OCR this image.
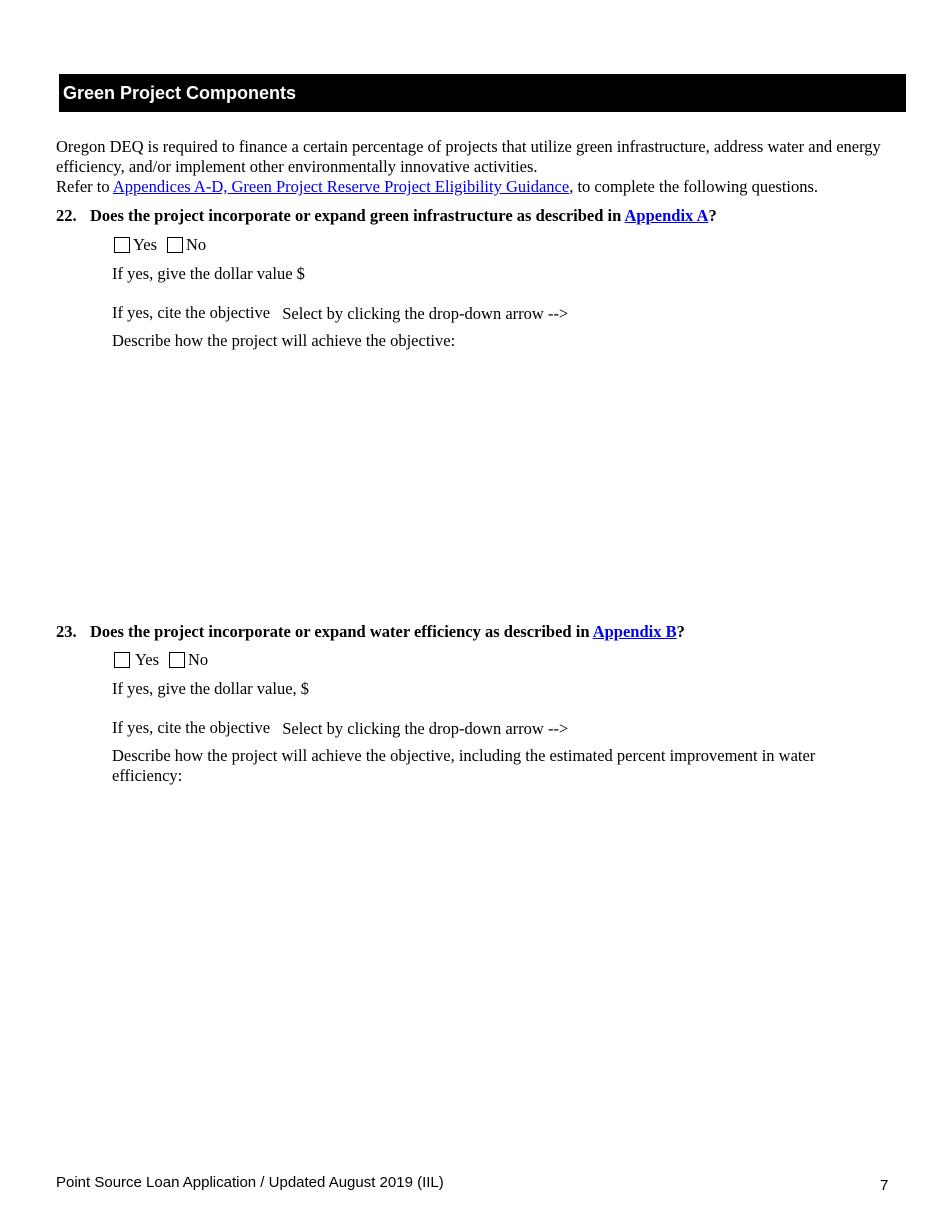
Green Project Components

Oregon DEQ is required to finance a certain percentage of projects that utilize green infrastructure, address water and energy efficiency, and/or implement other environmentally innovative activities.

Refer to Appendices A-D, Green Project Reserve Project Eligibility Guidance, to complete the following questions.

22. Does the project incorporate or expand green infrastructure as described in Appendix A?
Yes No
If yes, give the dollar value $
If yes, cite the objective Select by clicking the drop-down arrow -->
Describe how the project will achieve the objective:
23. Does the project incorporate or expand water efficiency as described in Appendix B?
Yes No
If yes, give the dollar value, $
If yes, cite the objective Select by clicking the drop-down arrow -->
Describe how the project will achieve the objective, including the estimated percent improvement in water efficiency:
Point Source Loan Application / Updated August 2019 (IIL)	7
